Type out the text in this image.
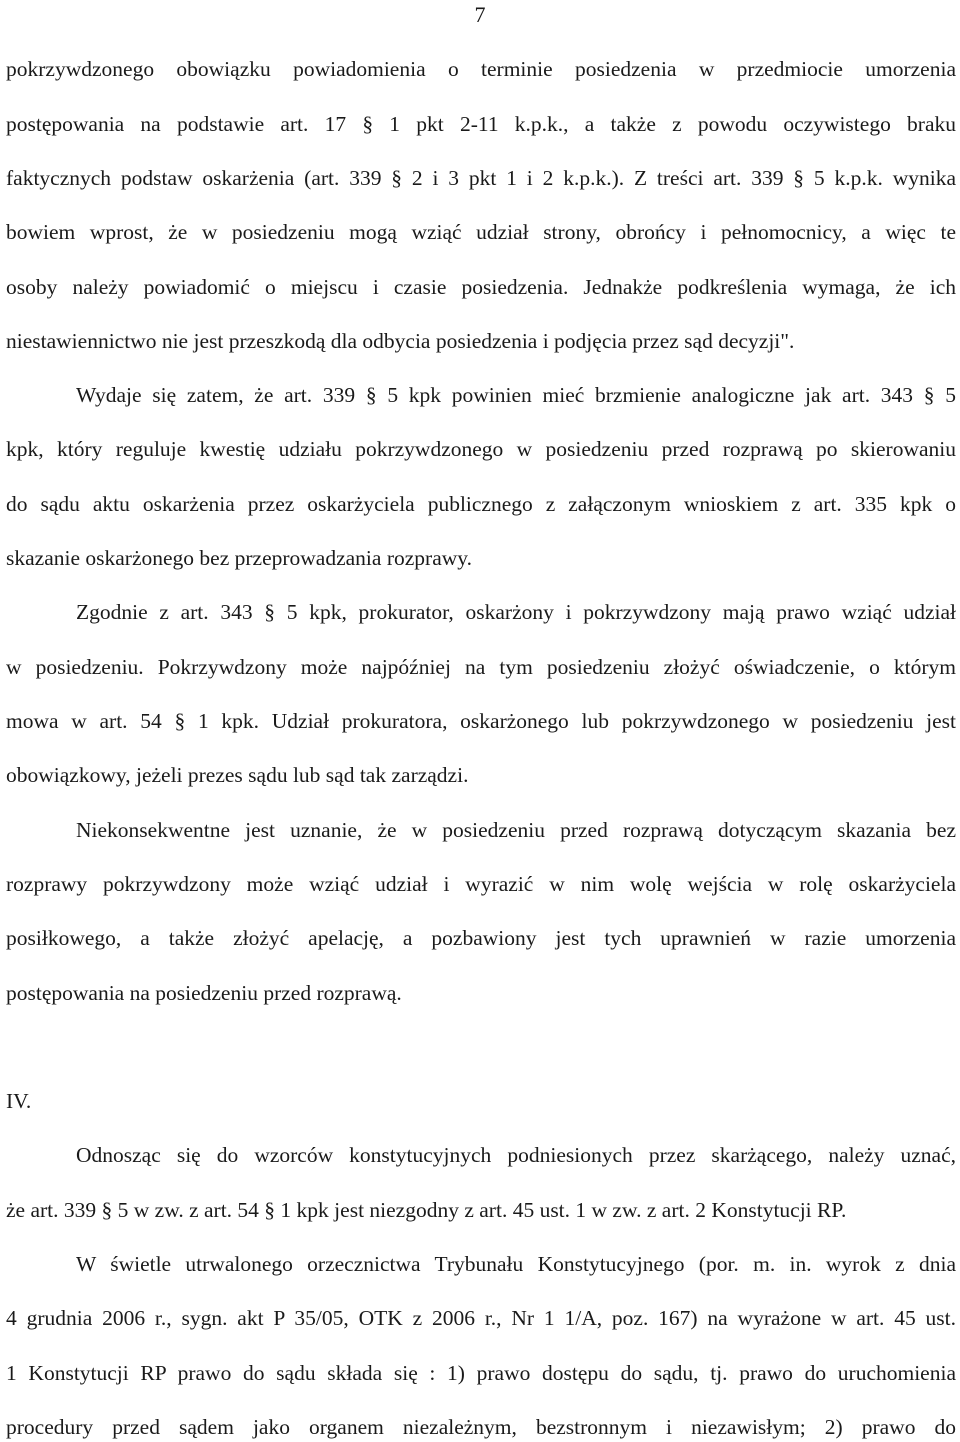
7
pokrzywdzonego obowiązku powiadomienia o terminie posiedzenia w przedmiocie umorzenia
postępowania na podstawie art. 17 § 1 pkt 2-11 k.p.k., a także z powodu oczywistego braku
faktycznych podstaw oskarżenia (art. 339 § 2 i 3 pkt 1 i 2 k.p.k.). Z treści art. 339 § 5 k.p.k. wynika
bowiem wprost, że w posiedzeniu mogą wziąć udział strony, obrońcy i pełnomocnicy, a więc te
osoby należy powiadomić o miejscu i czasie posiedzenia. Jednakże podkreślenia wymaga, że ich
niestawiennictwo nie jest przeszkodą dla odbycia posiedzenia i podjęcia przez sąd decyzji".
Wydaje się zatem, że art. 339 § 5 kpk powinien mieć brzmienie analogiczne jak art. 343 § 5
kpk, który reguluje kwestię udziału pokrzywdzonego w posiedzeniu przed rozprawą po skierowaniu
do sądu aktu oskarżenia przez oskarżyciela publicznego z załączonym wnioskiem z art. 335 kpk o
skazanie oskarżonego bez przeprowadzania rozprawy.
Zgodnie z art. 343 § 5 kpk, prokurator, oskarżony i pokrzywdzony mają prawo wziąć udział
w posiedzeniu. Pokrzywdzony może najpóźniej na tym posiedzeniu złożyć oświadczenie, o którym
mowa w art. 54 § 1 kpk. Udział prokuratora, oskarżonego lub pokrzywdzonego w posiedzeniu jest
obowiązkowy, jeżeli prezes sądu lub sąd tak zarządzi.
Niekonsekwentne jest uznanie, że w posiedzeniu przed rozprawą dotyczącym skazania bez
rozprawy pokrzywdzony może wziąć udział i wyrazić w nim wolę wejścia w rolę oskarżyciela
posiłkowego, a także złożyć apelację, a pozbawiony jest tych uprawnień w razie umorzenia
postępowania na posiedzeniu przed rozprawą.
IV.
Odnosząc się do wzorców konstytucyjnych podniesionych przez skarżącego, należy uznać,
że art. 339 § 5 w zw. z art. 54 § 1 kpk jest niezgodny z art. 45 ust. 1 w zw. z art. 2 Konstytucji RP.
W świetle utrwalonego orzecznictwa Trybunału Konstytucyjnego (por. m. in. wyrok z dnia
4 grudnia 2006 r., sygn. akt P 35/05, OTK z 2006 r., Nr 1 1/A, poz. 167) na wyrażone w art. 45 ust.
1 Konstytucji RP prawo do sądu składa się : 1) prawo dostępu do sądu, tj. prawo do uruchomienia
procedury przed sądem jako organem niezależnym, bezstronnym i niezawisłym; 2) prawo do
